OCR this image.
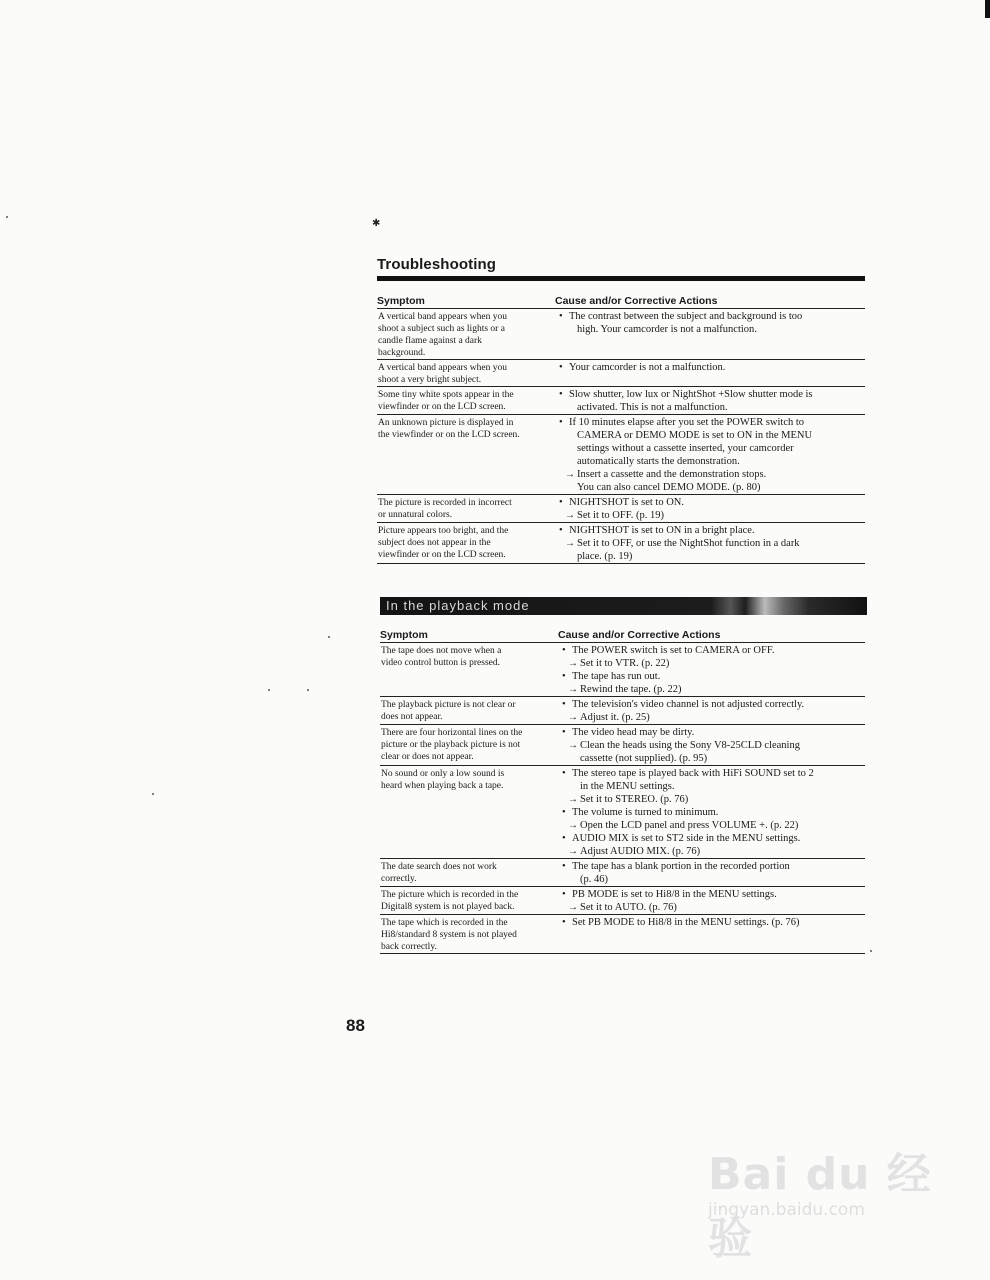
✱
Troubleshooting
Symptom	Cause and/or Corrective Actions
A vertical band appears when you
shoot a subject such as lights or a
candle flame against a dark
background.
• The contrast between the subject and background is too
high. Your camcorder is not a malfunction.
A vertical band appears when you
shoot a very bright subject.
• Your camcorder is not a malfunction.
Some tiny white spots appear in the
viewfinder or on the LCD screen.
• Slow shutter, low lux or NightShot +Slow shutter mode is
activated. This is not a malfunction.
An unknown picture is displayed in
the viewfinder or on the LCD screen.
• If 10 minutes elapse after you set the POWER switch to
CAMERA or DEMO MODE is set to ON in the MENU
settings without a cassette inserted, your camcorder
automatically starts the demonstration.
→ Insert a cassette and the demonstration stops.
You can also cancel DEMO MODE. (p. 80)
The picture is recorded in incorrect
or unnatural colors.
• NIGHTSHOT is set to ON.
→ Set it to OFF. (p. 19)
Picture appears too bright, and the
subject does not appear in the
viewfinder or on the LCD screen.
• NIGHTSHOT is set to ON in a bright place.
→ Set it to OFF, or use the NightShot function in a dark
place. (p. 19)
In the playback mode
Symptom	Cause and/or Corrective Actions
The tape does not move when a
video control button is pressed.
• The POWER switch is set to CAMERA or OFF.
→ Set it to VTR. (p. 22)
• The tape has run out.
→ Rewind the tape. (p. 22)
The playback picture is not clear or
does not appear.
• The television's video channel is not adjusted correctly.
→ Adjust it. (p. 25)
There are four horizontal lines on the
picture or the playback picture is not
clear or does not appear.
• The video head may be dirty.
→ Clean the heads using the Sony V8-25CLD cleaning
cassette (not supplied). (p. 95)
No sound or only a low sound is
heard when playing back a tape.
• The stereo tape is played back with HiFi SOUND set to 2
in the MENU settings.
→ Set it to STEREO. (p. 76)
• The volume is turned to minimum.
→ Open the LCD panel and press VOLUME +. (p. 22)
• AUDIO MIX is set to ST2 side in the MENU settings.
→ Adjust AUDIO MIX. (p. 76)
The date search does not work
correctly.
• The tape has a blank portion in the recorded portion
(p. 46)
The picture which is recorded in the
Digital8 system is not played back.
• PB MODE is set to Hi8/8 in the MENU settings.
→ Set it to AUTO. (p. 76)
The tape which is recorded in the
Hi8/standard 8 system is not played
back correctly.
• Set PB MODE to Hi8/8 in the MENU settings. (p. 76)

88

Bai du 经验
jingyan.baidu.com
